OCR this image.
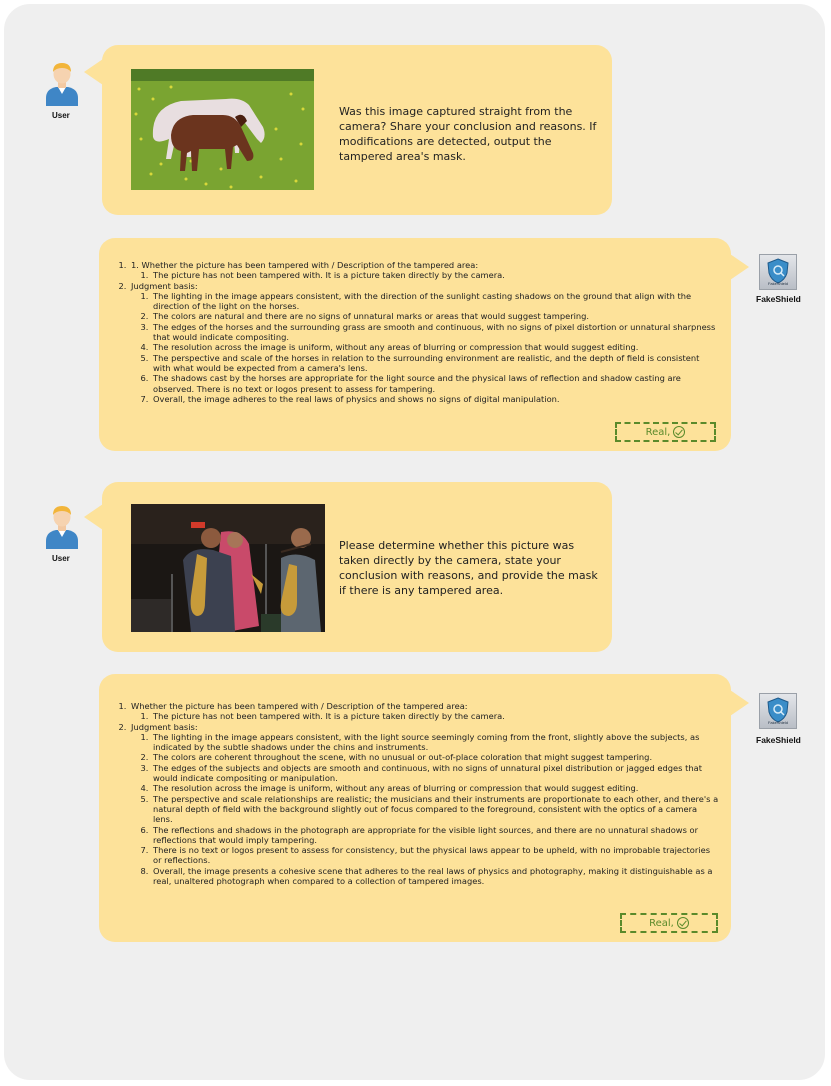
User	Was this image captured straight from the camera? Share your conclusion and reasons. If modifications are detected, output the tampered area's mask.
1. 1. Whether the picture has been tampered with / Description of the tampered area:
1. The picture has not been tampered with. It is a picture taken directly by the camera.
2. Judgment basis:
1. The lighting in the image appears consistent, with the direction of the sunlight casting shadows on the ground that align with the direction of the light on the horses.
2. The colors are natural and there are no signs of unnatural marks or areas that would suggest tampering.
3. The edges of the horses and the surrounding grass are smooth and continuous, with no signs of pixel distortion or unnatural sharpness that would indicate compositing.
4. The resolution across the image is uniform, without any areas of blurring or compression that would suggest editing.
5. The perspective and scale of the horses in relation to the surrounding environment are realistic, and the depth of field is consistent with what would be expected from a camera's lens.
6. The shadows cast by the horses are appropriate for the light source and the physical laws of reflection and shadow casting are observed. There is no text or logos present to assess for tampering.
7. Overall, the image adheres to the real laws of physics and shows no signs of digital manipulation.
Real,
FakeShield
FakeShield
User
Please determine whether this picture was taken directly by the camera, state your conclusion with reasons, and provide the mask if there is any tampered area.
1. Whether the picture has been tampered with / Description of the tampered area:
1. The picture has not been tampered with. It is a picture taken directly by the camera.
2. Judgment basis:
1. The lighting in the image appears consistent, with the light source seemingly coming from the front, slightly above the subjects, as indicated by the subtle shadows under the chins and instruments.
2. The colors are coherent throughout the scene, with no unusual or out-of-place coloration that might suggest tampering.
3. The edges of the subjects and objects are smooth and continuous, with no signs of unnatural pixel distribution or jagged edges that would indicate compositing or manipulation.
4. The resolution across the image is uniform, without any areas of blurring or compression that would suggest editing.
5. The perspective and scale relationships are realistic; the musicians and their instruments are proportionate to each other, and there's a natural depth of field with the background slightly out of focus compared to the foreground, consistent with the optics of a camera lens.
6. The reflections and shadows in the photograph are appropriate for the visible light sources, and there are no unnatural shadows or reflections that would imply tampering.
7. There is no text or logos present to assess for consistency, but the physical laws appear to be upheld, with no improbable trajectories or reflections.
8. Overall, the image presents a cohesive scene that adheres to the real laws of physics and photography, making it distinguishable as a real, unaltered photograph when compared to a collection of tampered images.
Real,
FakeShield
FakeShield
